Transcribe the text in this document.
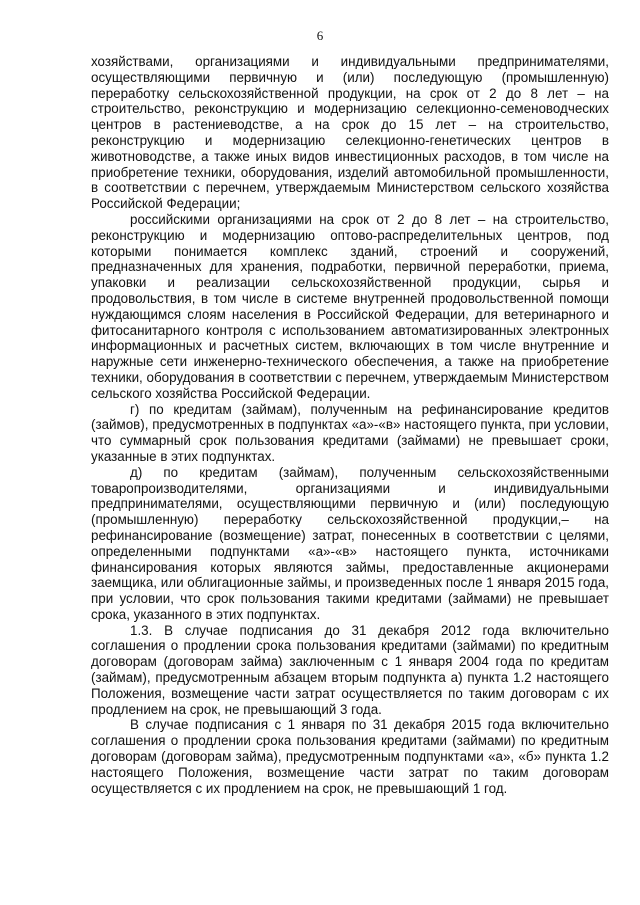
6

хозяйствами, организациями и индивидуальными предпринимателями, осуществляющими первичную и (или) последующую (промышленную) переработку сельскохозяйственной продукции, на срок от 2 до 8 лет – на строительство, реконструкцию и модернизацию селекционно-семеноводческих центров в растениеводстве, а на срок до 15 лет – на строительство, реконструкцию и модернизацию селекционно-генетических центров в животноводстве, а также иных видов инвестиционных расходов, в том числе на приобретение техники, оборудования, изделий автомобильной промышленности, в соответствии с перечнем, утверждаемым Министерством сельского хозяйства Российской Федерации;

российскими организациями на срок от 2 до 8 лет – на строительство, реконструкцию и модернизацию оптово-распределительных центров, под которыми понимается комплекс зданий, строений и сооружений, предназначенных для хранения, подработки, первичной переработки, приема, упаковки и реализации сельскохозяйственной продукции, сырья и продовольствия, в том числе в системе внутренней продовольственной помощи нуждающимся слоям населения в Российской Федерации, для ветеринарного и фитосанитарного контроля с использованием автоматизированных электронных информационных и расчетных систем, включающих в том числе внутренние и наружные сети инженерно-технического обеспечения, а также на приобретение техники, оборудования в соответствии с перечнем, утверждаемым Министерством сельского хозяйства Российской Федерации.

г) по кредитам (займам), полученным на рефинансирование кредитов (займов), предусмотренных в подпунктах «а»-«в» настоящего пункта, при условии, что суммарный срок пользования кредитами (займами) не превышает сроки, указанные в этих подпунктах.

д) по кредитам (займам), полученным сельскохозяйственными товаропроизводителями, организациями и индивидуальными предпринимателями, осуществляющими первичную и (или) последующую (промышленную) переработку сельскохозяйственной продукции,– на рефинансирование (возмещение) затрат, понесенных в соответствии с целями, определенными подпунктами «а»-«в» настоящего пункта, источниками финансирования которых являются займы, предоставленные акционерами заемщика, или облигационные займы, и произведенных после 1 января 2015 года, при условии, что срок пользования такими кредитами (займами) не превышает срока, указанного в этих подпунктах.

1.3. В случае подписания до 31 декабря 2012 года включительно соглашения о продлении срока пользования кредитами (займами) по кредитным договорам (договорам займа) заключенным с 1 января 2004 года по кредитам (займам), предусмотренным абзацем вторым подпункта а) пункта 1.2 настоящего Положения, возмещение части затрат осуществляется по таким договорам с их продлением на срок, не превышающий 3 года.

В случае подписания с 1 января по 31 декабря 2015 года включительно соглашения о продлении срока пользования кредитами (займами) по кредитным договорам (договорам займа), предусмотренным подпунктами «а», «б» пункта 1.2 настоящего Положения, возмещение части затрат по таким договорам осуществляется с их продлением на срок, не превышающий 1 год.
